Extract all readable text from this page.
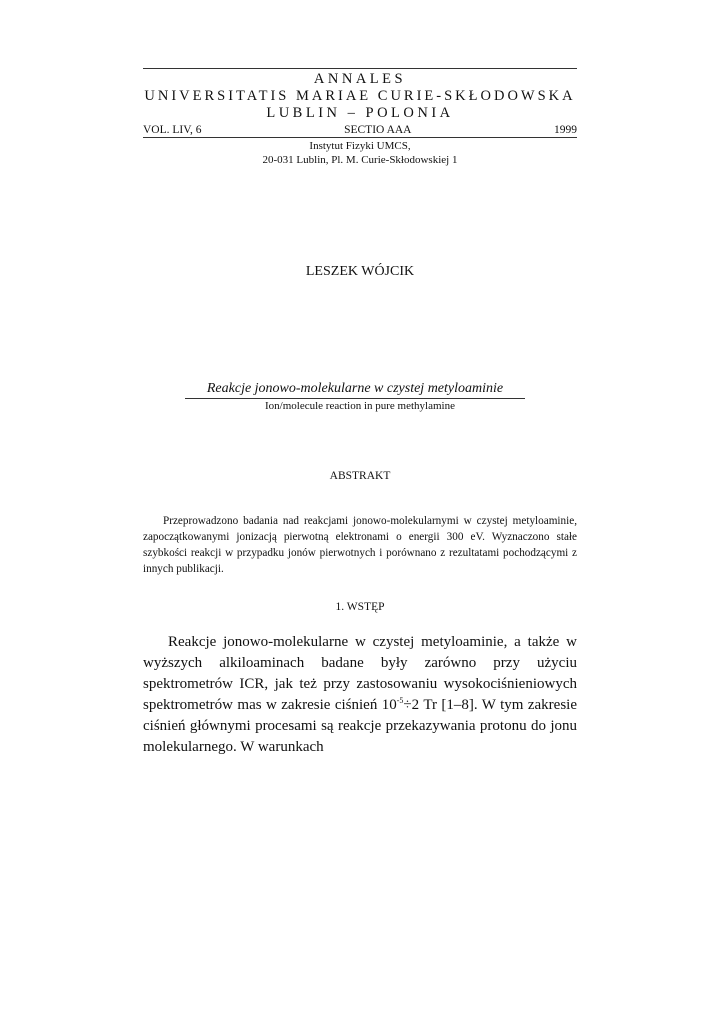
ANNALES
UNIVERSITATIS MARIAE CURIE-SKŁODOWSKA
LUBLIN – POLONIA
VOL. LIV, 6	SECTIO AAA	1999
Instytut Fizyki UMCS,
20-031 Lublin, Pl. M. Curie-Skłodowskiej 1
LESZEK WÓJCIK
Reakcje jonowo-molekularne w czystej metyloaminie
Ion/molecule reaction in pure methylamine
ABSTRAKT
Przeprowadzono badania nad reakcjami jonowo-molekularnymi w czystej metyloaminie, zapoczątkowanymi jonizacją pierwotną elektronami o energii 300 eV. Wyznaczono stałe szybkości reakcji w przypadku jonów pierwotnych i porównano z rezultatami pochodzącymi z innych publikacji.
1. WSTĘP
Reakcje jonowo-molekularne w czystej metyloaminie, a także w wyższych alkiloaminach badane były zarówno przy użyciu spektrometrów ICR, jak też przy zastosowaniu wysokociśnieniowych spektrometrów mas w zakresie ciśnień $10^{-5}\div 2$ Tr [1–8]. W tym zakresie ciśnień głównymi procesami są reakcje przekazywania protonu do jonu molekularnego. W warunkach
